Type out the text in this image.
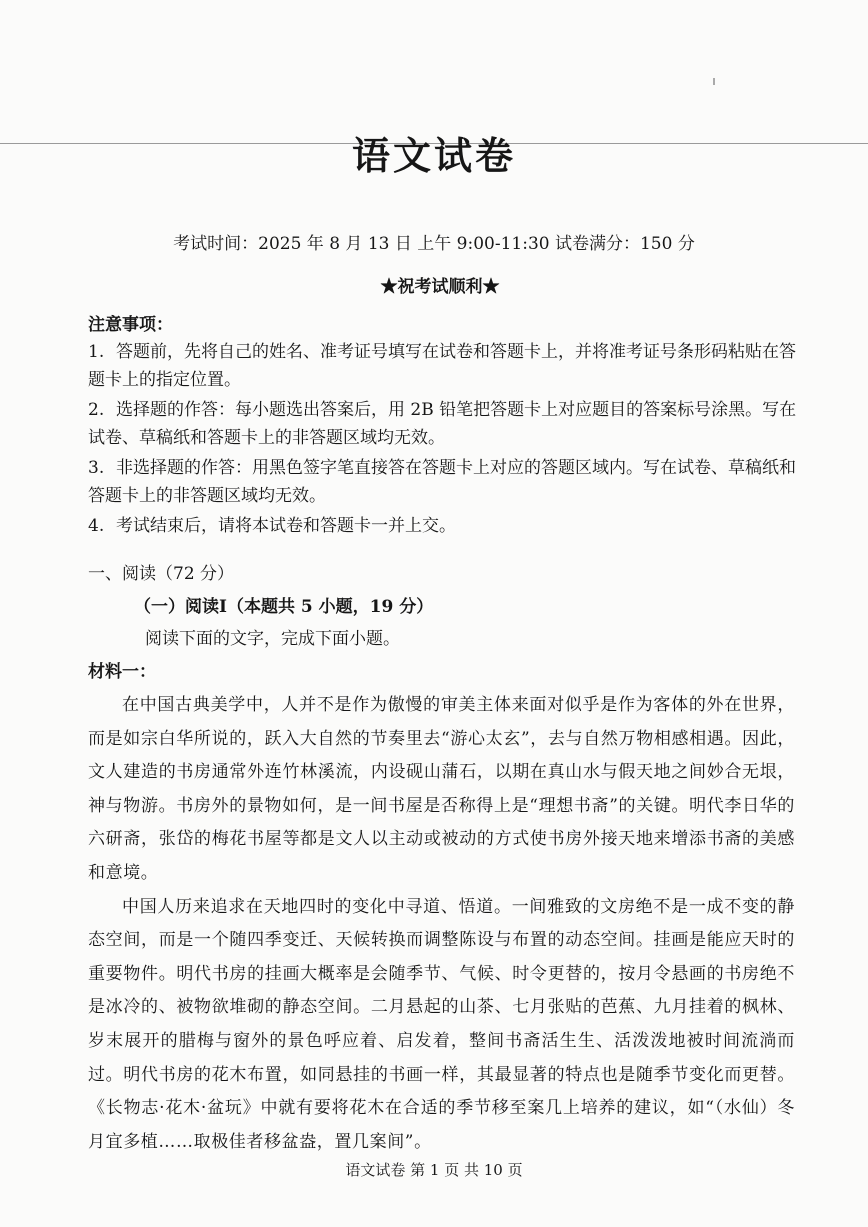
语文试卷
考试时间：2025 年 8 月 13 日 上午 9:00-11:30 试卷满分：150 分
★祝考试顺利★
注意事项：
1. 答题前，先将自己的姓名、准考证号填写在试卷和答题卡上，并将准考证号条形码粘贴在答题卡上的指定位置。
2. 选择题的作答：每小题选出答案后，用 2B 铅笔把答题卡上对应题目的答案标号涂黑。写在试卷、草稿纸和答题卡上的非答题区域均无效。
3. 非选择题的作答：用黑色签字笔直接答在答题卡上对应的答题区域内。写在试卷、草稿纸和答题卡上的非答题区域均无效。
4. 考试结束后，请将本试卷和答题卡一并上交。
一、阅读（72 分）
（一）阅读I（本题共 5 小题，19 分）
阅读下面的文字，完成下面小题。
材料一：

在中国古典美学中，人并不是作为傲慢的审美主体来面对似乎是作为客体的外在世界，而是如宗白华所说的，跃入大自然的节奏里去“游心太玄”，去与自然万物相感相遇。因此，文人建造的书房通常外连竹林溪流，内设砚山蒲石，以期在真山水与假天地之间妙合无垠，神与物游。书房外的景物如何，是一间书屋是否称得上是“理想书斋”的关键。明代李日华的六研斋，张岱的梅花书屋等都是文人以主动或被动的方式使书房外接天地来增添书斋的美感和意境。

中国人历来追求在天地四时的变化中寻道、悟道。一间雅致的文房绝不是一成不变的静态空间，而是一个随四季变迁、天候转换而调整陈设与布置的动态空间。挂画是能应天时的重要物件。明代书房的挂画大概率是会随季节、气候、时令更替的，按月令悬画的书房绝不是冰冷的、被物欲堆砌的静态空间。二月悬起的山茶、七月张贴的芭蕉、九月挂着的枫林、岁末展开的腊梅与窗外的景色呼应着、启发着，整间书斋活生生、活泼泼地被时间流淌而过。明代书房的花木布置，如同悬挂的书画一样，其最显著的特点也是随季节变化而更替。《长物志·花木·盆玩》中就有要将花木在合适的季节移至案几上培养的建议，如“（水仙）冬月宜多植……取极佳者移盆盎，置几案间”。

语文试卷 第 1 页 共 10 页
